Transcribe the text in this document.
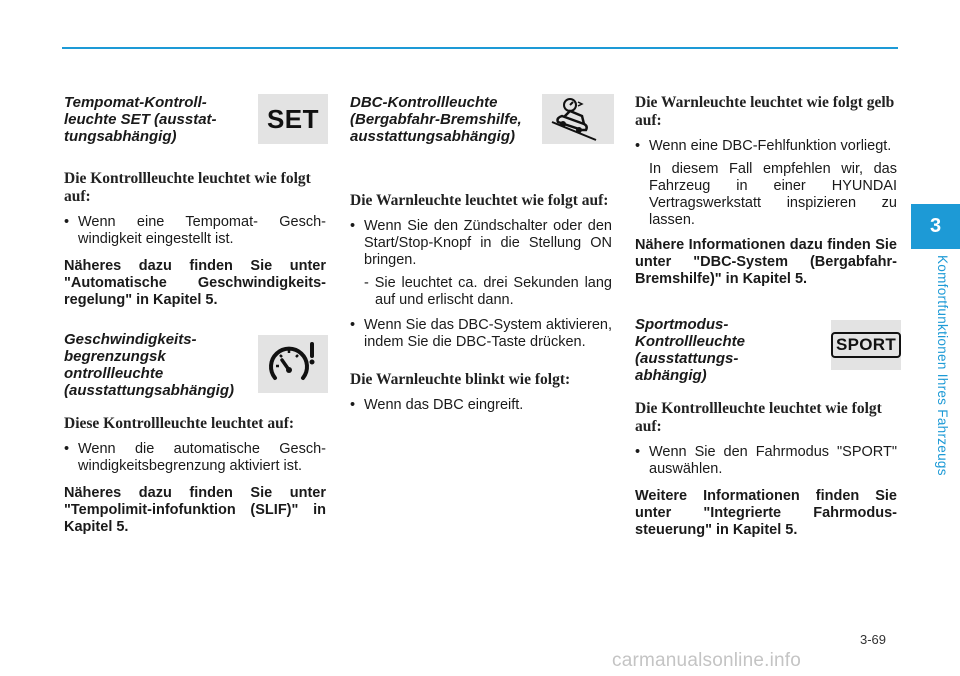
Tempomat-Kontroll-leuchte SET (ausstat-tungsabhängig)

SET

Die Kontrollleuchte leuchtet wie folgt auf:

• Wenn eine Tempomat- Gesch-windigkeit eingestellt ist.

Näheres dazu finden Sie unter "Automatische Geschwindigkeits-regelung" in Kapitel 5.

Geschwindigkeits-begrenzungsk ontrollleuchte (ausstattungsabhängig)

Diese Kontrollleuchte leuchtet auf:

• Wenn die automatische Gesch-windigkeitsbegrenzung aktiviert ist.

Näheres dazu finden Sie unter "Tempolimit-infofunktion (SLIF)" in Kapitel 5.

DBC-Kontrollleuchte (Bergabfahr-Bremshilfe, ausstattungsabhängig)

Die Warnleuchte leuchtet wie folgt auf:

• Wenn Sie den Zündschalter oder den Start/Stop-Knopf in die Stellung ON bringen.

- Sie leuchtet ca. drei Sekunden lang auf und erlischt dann.

• Wenn Sie das DBC-System aktivieren, indem Sie die DBC-Taste drücken.

Die Warnleuchte blinkt wie folgt:

• Wenn das DBC eingreift.

Die Warnleuchte leuchtet wie folgt gelb auf:

• Wenn eine DBC-Fehlfunktion vorliegt.

In diesem Fall empfehlen wir, das Fahrzeug in einer HYUNDAI Vertragswerkstatt inspizieren zu lassen.

Nähere Informationen dazu finden Sie unter "DBC-System (Bergabfahr-Bremshilfe)" in Kapitel 5.

Sportmodus-Kontrollleuchte (ausstattungs-abhängig)

SPORT

Die Kontrollleuchte leuchtet wie folgt auf:

• Wenn Sie den Fahrmodus "SPORT" auswählen.

Weitere Informationen finden Sie unter "Integrierte Fahrmodus-steuerung" in Kapitel 5.

3
Komfortfunktionen Ihres Fahrzeugs
3-69
carmanualsonline.info
